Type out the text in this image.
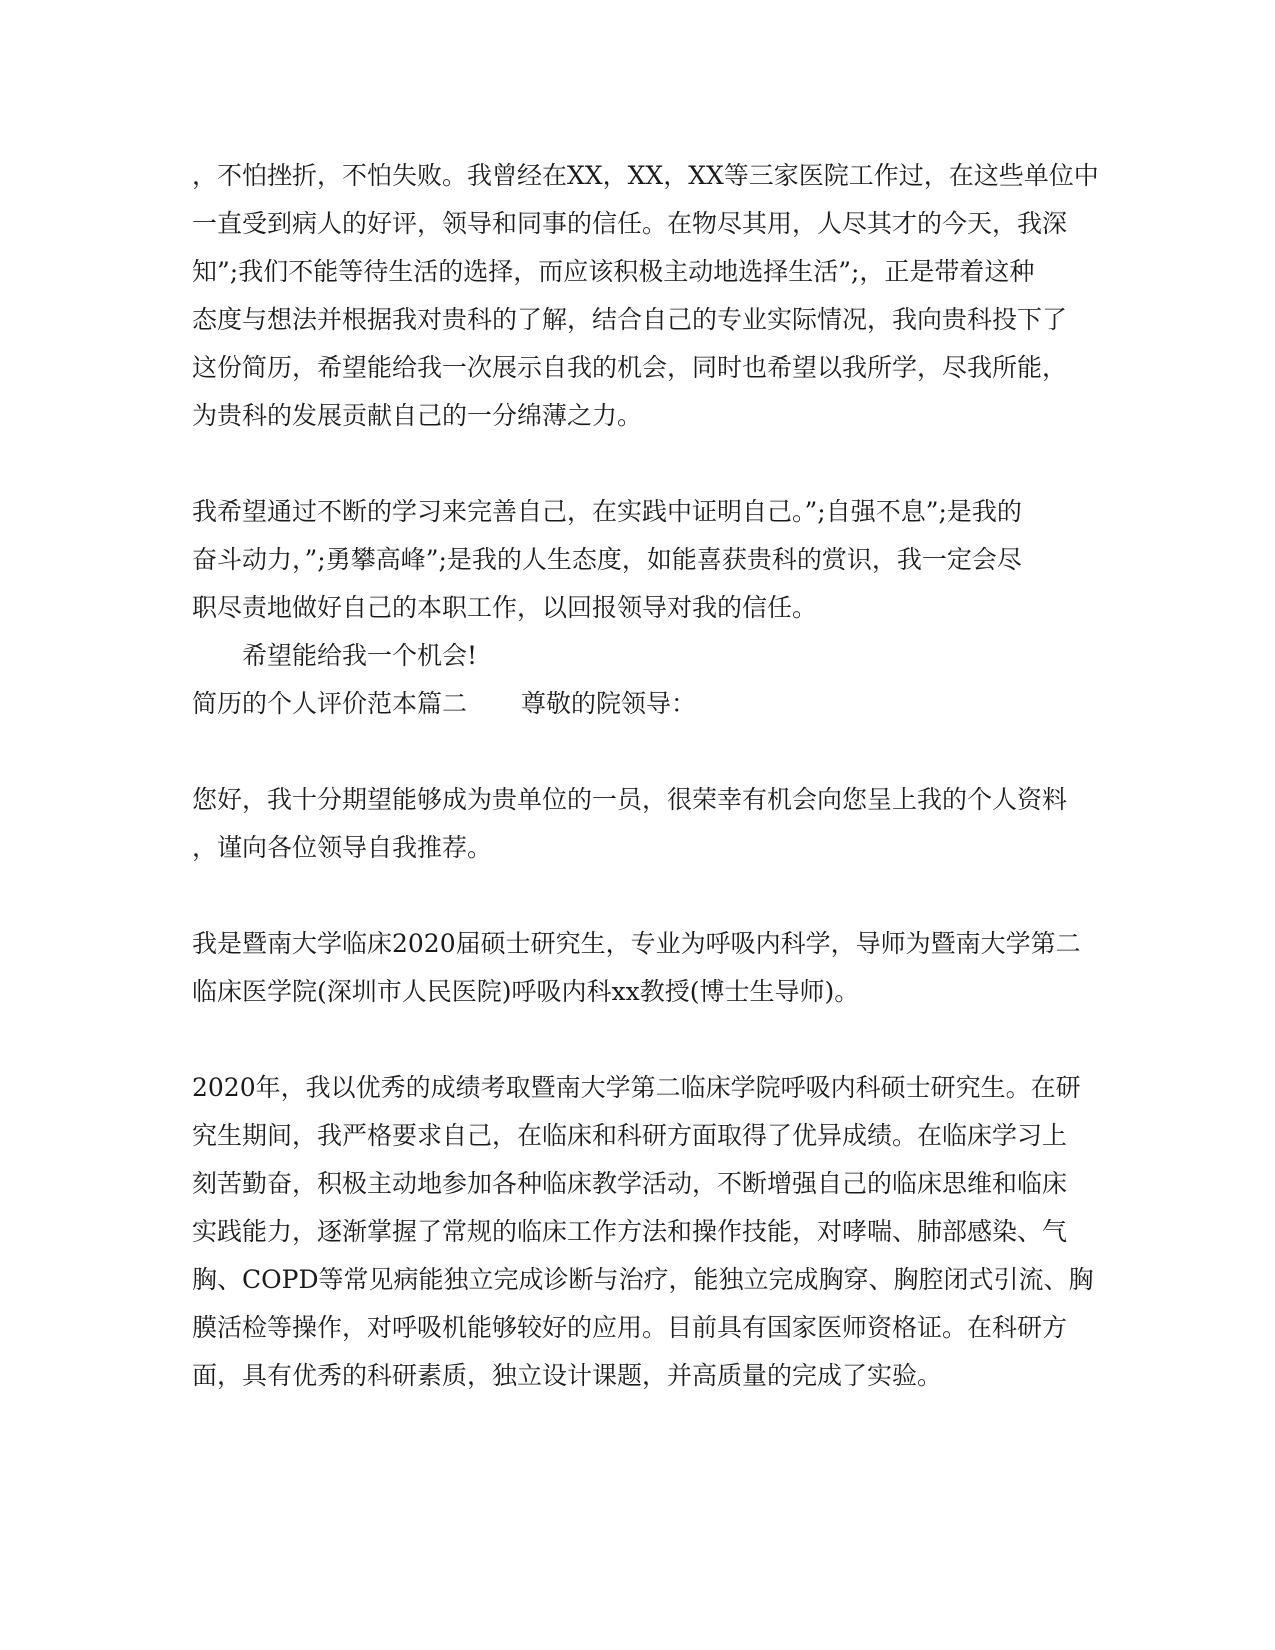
，不怕挫折，不怕失败。我曾经在XX，XX，XX等三家医院工作过，在这些单位中
一直受到病人的好评，领导和同事的信任。在物尽其用，人尽其才的今天，我深
知”;我们不能等待生活的选择，而应该积极主动地选择生活”;，正是带着这种
态度与想法并根据我对贵科的了解，结合自己的专业实际情况，我向贵科投下了
这份简历，希望能给我一次展示自我的机会，同时也希望以我所学，尽我所能，
为贵科的发展贡献自己的一分绵薄之力。
我希望通过不断的学习来完善自己，在实践中证明自己。”;自强不息”;是我的
奋斗动力，”;勇攀高峰”;是我的人生态度，如能喜获贵科的赏识，我一定会尽
职尽责地做好自己的本职工作，以回报领导对我的信任。
希望能给我一个机会!
简历的个人评价范本篇二 尊敬的院领导：
您好，我十分期望能够成为贵单位的一员，很荣幸有机会向您呈上我的个人资料
，谨向各位领导自我推荐。
我是暨南大学临床2020届硕士研究生，专业为呼吸内科学，导师为暨南大学第二
临床医学院(深圳市人民医院)呼吸内科xx教授(博士生导师)。
2020年，我以优秀的成绩考取暨南大学第二临床学院呼吸内科硕士研究生。在研
究生期间，我严格要求自己，在临床和科研方面取得了优异成绩。在临床学习上
刻苦勤奋，积极主动地参加各种临床教学活动，不断增强自己的临床思维和临床
实践能力，逐渐掌握了常规的临床工作方法和操作技能，对哮喘、肺部感染、气
胸、COPD等常见病能独立完成诊断与治疗，能独立完成胸穿、胸腔闭式引流、胸
膜活检等操作，对呼吸机能够较好的应用。目前具有国家医师资格证。在科研方
面，具有优秀的科研素质，独立设计课题，并高质量的完成了实验。
